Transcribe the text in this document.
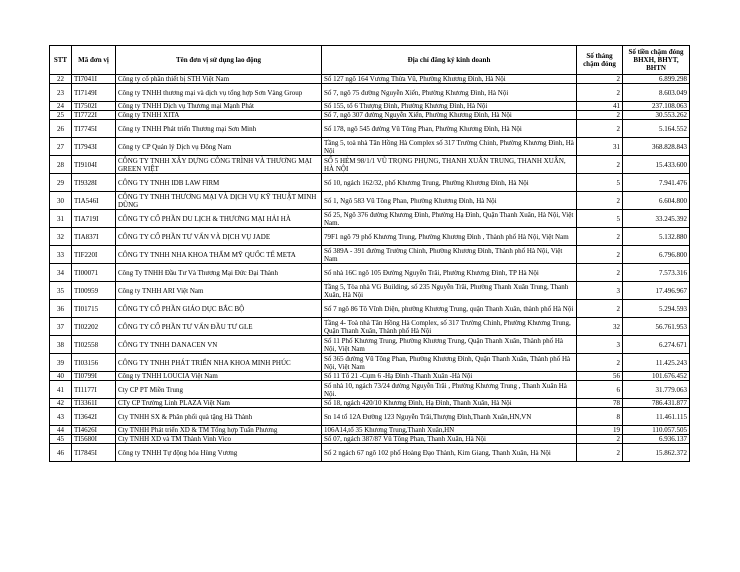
STT	Mã đơn vị	Tên đơn vị sử dụng lao động	Địa chỉ đăng ký kinh doanh	Số tháng chậm đóng	Số tiền chậm đóng BHXH, BHYT, BHTN
22	TI7041I	Công ty cổ phần thiết bị STH Việt Nam	Số 127 ngõ 164 Vương Thừa Vũ, Phường Khương Đình, Hà Nội	2	6.899.298
23	TI7149I	Công ty TNHH thương mại và dịch vụ tổng hợp Sơn Vàng Group	Số 7, ngõ 75 đường Nguyễn Xiển, Phường Khương Đình, Hà Nội	2	8.603.049
24	TI7502I	Công ty TNHH Dịch vụ Thương mại Mạnh Phát	Số 155, tổ 6 Thượng Đình, Phường Khương Đình, Hà Nội	41	237.108.063
25	TI7722I	Công ty TNHH XITA	Số 7, ngõ 307 đường Nguyễn Xiển, Phường Khương Đình, Hà Nội	2	30.553.262
26	TI7745I	Công ty TNHH Phát triển Thương mại Sơn Minh	Số 178, ngõ 545 đường Vũ Tông Phan, Phường Khương Đình, Hà Nội	2	5.164.552
27	TI7943I	Công ty CP Quản lý Dịch vụ Đông Nam	Tầng 5, toà nhà Tân Hồng Hà Complex số 317 Trường Chinh, Phường Khương Đình, Hà Nội	31	368.828.843
28	TI9104I	CÔNG TY TNHH XÂY DỰNG CÔNG TRÌNH VÀ THƯƠNG MẠI GREEN VIỆT	SỐ 5 HẺM 98/1/1 VŨ TRỌNG PHỤNG, THANH XUÂN TRUNG, THANH XUÂN, HÀ NỘI	2	15.433.600
29	TI9328I	CÔNG TY TNHH IDB LAW FIRM	Số 10, ngách 162/32, phố Khương Trung, Phường Khương Đình, Hà Nội	5	7.941.476
30	TIA546I	CÔNG TY TNHH THƯƠNG MẠI VÀ DỊCH VỤ KỸ THUẬT MINH DŨNG	Số 1, Ngõ 583 Vũ Tông Phan, Phường Khương Đình, Hà Nội	2	6.604.800
31	TIA719I	CÔNG TY CỔ PHẦN DU LỊCH & THƯƠNG MẠI HẢI HÀ	Số 25, Ngõ 376 đường Khương Đình, Phường Hạ Đình, Quận Thanh Xuân, Hà Nội, Việt Nam.	5	33.245.392
32	TIA837I	CÔNG TY CỔ PHẦN TƯ VẤN VÀ DỊCH VỤ JADE	79F1 ngõ 79 phố Khương Trung, Phường Khương Đình , Thành phố Hà Nội, Việt Nam	2	5.132.880
33	TIF220I	CÔNG TY TNHH NHA KHOA THẨM MỸ QUỐC TẾ META	Số 389A - 391 đường Trường Chinh, Phường Khương Đình, Thành phố Hà Nội, Việt Nam	2	6.796.800
34	TI00071	Công Ty TNHH Đầu Tư Và Thương Mại Đức Đại Thành	Số nhà 16C ngõ 105 Đường Nguyễn Trãi, Phường Khương Đình, TP Hà Nội	2	7.573.316
35	TI00959	Công ty TNHH ARI Việt Nam	Tầng 5, Tòa nhà VG Building, số 235 Nguyễn Trãi, Phường Thanh Xuân Trung, Thanh Xuân, Hà Nội	3	17.496.967
36	TI01715	CÔNG TY CỔ PHẦN GIÁO DỤC BẮC BỘ	Số 7 ngõ 86 Tô Vĩnh Diện, phường Khương Trung, quận Thanh Xuân, thành phố Hà Nội	2	5.294.593
37	TI02202	CÔNG TY CỔ PHẦN TƯ VẤN ĐẦU TƯ GLE	Tầng 4- Toà nhà Tân Hồng Hà Complex, số 317 Trường Chinh, Phường Khương Trung, Quận Thanh Xuân, Thành phố Hà Nội	32	56.761.953
38	TI02558	CÔNG TY TNHH DANACEN VN	Số 11 Phố Khương Trung, Phường Khương Trung, Quận Thanh Xuân, Thành phố Hà Nội, Việt Nam	3	6.274.671
39	TI03156	CÔNG TY TNHH PHÁT TRIỂN NHA KHOA MINH PHÚC	Số 365 đường Vũ Tông Phan, Phường Khương Đình, Quận Thanh Xuân, Thành phố Hà Nội, Việt Nam	2	11.425.243
40	TI0799I	Công ty TNHH LOUCIA Việt Nam	Số 11 Tổ 21 -Cụm 6 -Hạ Đình -Thanh Xuân -Hà Nội	56	101.676.452
41	TI1177I	Cty CP PT Miền Trung	Số nhà 10, ngách 73/24 đường Nguyễn Trãi , Phường Khương Trung , Thanh Xuân Hà Nội.	6	31.779.063
42	TI3361I	CTy CP Trường Linh PLAZA Việt Nam	Số 18, ngách 420/10 Khương Đình, Hạ Đình, Thanh Xuân, Hà Nội	78	786.431.877
43	TI3642I	Cty TNHH SX & Phân phối quà tặng Hà Thành	Sn 14 tổ 12A Đường 123 Nguyễn Trãi,Thượng Đình,Thanh Xuân,HN,VN	8	11.461.115
44	TI4626I	Cty TNHH Phát triển XD & TM Tổng hợp Tuấn Phương	106A14,tổ 35 Khương Trung,Thanh Xuân,HN	19	110.057.505
45	TI5680I	Cty TNHH XD và TM Thành Vinh Vico	Số 07, ngách 387/87 Vũ Tông Phan, Thanh Xuân, Hà Nội	2	6.936.137
46	TI7845I	Công ty TNHH Tự động hóa Hùng Vương	Số 2 ngách 67 ngõ 102 phố Hoàng Đạo Thành, Kim Giang, Thanh Xuân, Hà Nội	2	15.862.372
